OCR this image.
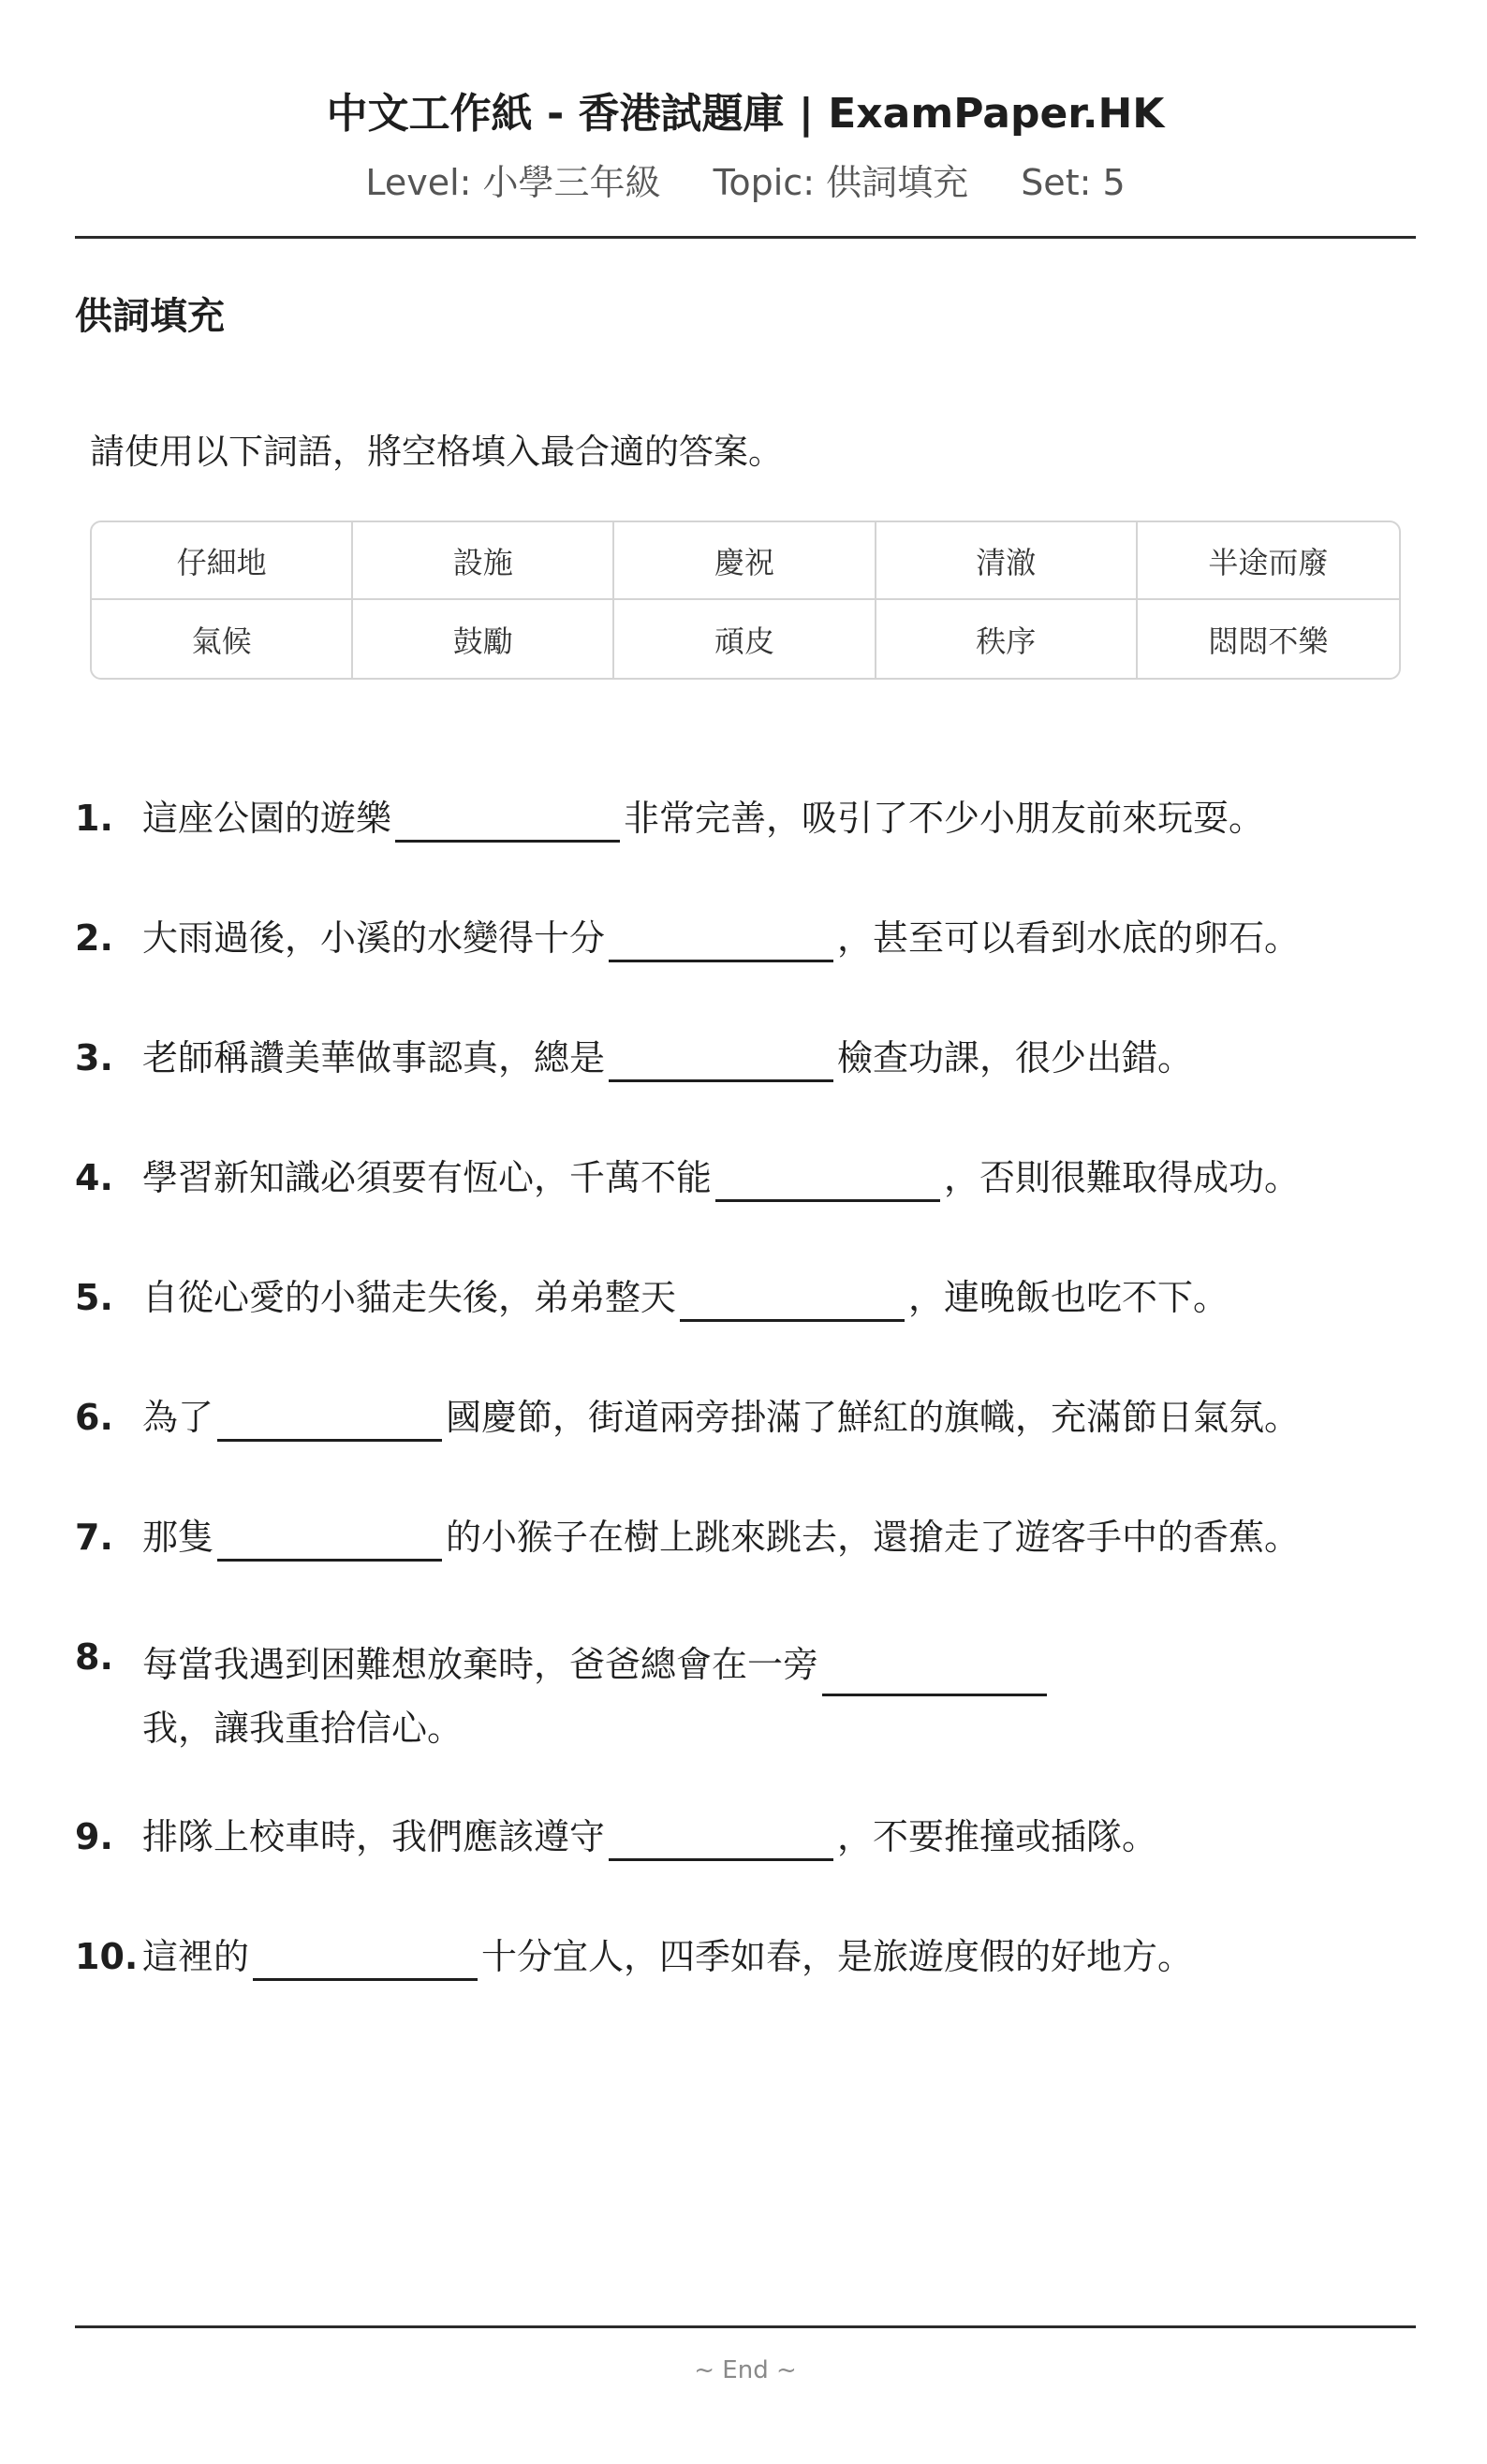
中文工作紙 - 香港試題庫 | ExamPaper.HK
Level: 小學三年級 Topic: 供詞填充 Set: 5
供詞填充
請使用以下詞語，將空格填入最合適的答案。
仔細地	設施	慶祝	清澈	半途而廢
氣候	鼓勵	頑皮	秩序	悶悶不樂
1. 這座公園的遊樂	非常完善，吸引了不少小朋友前來玩耍。
2. 大雨過後，小溪的水變得十分	，甚至可以看到水底的卵石。
3. 老師稱讚美華做事認真，總是	檢查功課，很少出錯。
4. 學習新知識必須要有恆心，千萬不能	，否則很難取得成功。
5. 自從心愛的小貓走失後，弟弟整天	，連晚飯也吃不下。
6. 為了	國慶節，街道兩旁掛滿了鮮紅的旗幟，充滿節日氣氛。
7. 那隻	的小猴子在樹上跳來跳去，還搶走了遊客手中的香蕉。
8. 每當我遇到困難想放棄時，爸爸總會在一旁
我，讓我重拾信心。
9. 排隊上校車時，我們應該遵守	，不要推撞或插隊。
10. 這裡的	十分宜人，四季如春，是旅遊度假的好地方。
~ End ~
